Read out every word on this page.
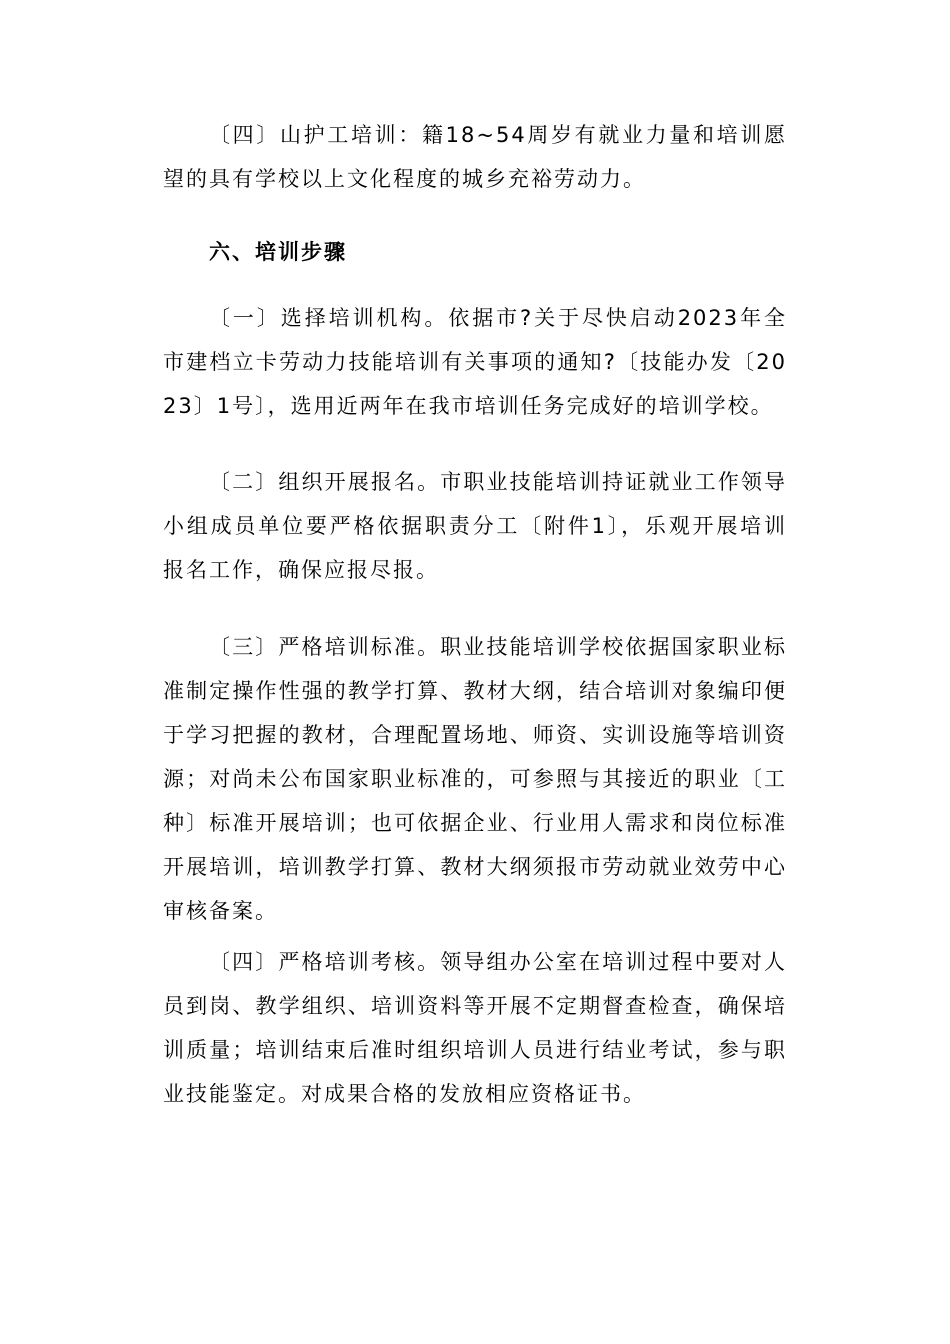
〔四〕山护工培训：籍18~54周岁有就业力量和培训愿望的具有学校以上文化程度的城乡充裕劳动力。

六、培训步骤

〔一〕选择培训机构。依据市?关于尽快启动2023年全市建档立卡劳动力技能培训有关事项的通知?〔技能办发〔2023〕1号〕，选用近两年在我市培训任务完成好的培训学校。

〔二〕组织开展报名。市职业技能培训持证就业工作领导小组成员单位要严格依据职责分工〔附件1〕，乐观开展培训报名工作，确保应报尽报。

〔三〕严格培训标准。职业技能培训学校依据国家职业标准制定操作性强的教学打算、教材大纲，结合培训对象编印便于学习把握的教材，合理配置场地、师资、实训设施等培训资源；对尚未公布国家职业标准的，可参照与其接近的职业〔工种〕标准开展培训；也可依据企业、行业用人需求和岗位标准开展培训，培训教学打算、教材大纲须报市劳动就业效劳中心审核备案。

〔四〕严格培训考核。领导组办公室在培训过程中要对人员到岗、教学组织、培训资料等开展不定期督查检查，确保培训质量；培训结束后准时组织培训人员进行结业考试，参与职业技能鉴定。对成果合格的发放相应资格证书。
